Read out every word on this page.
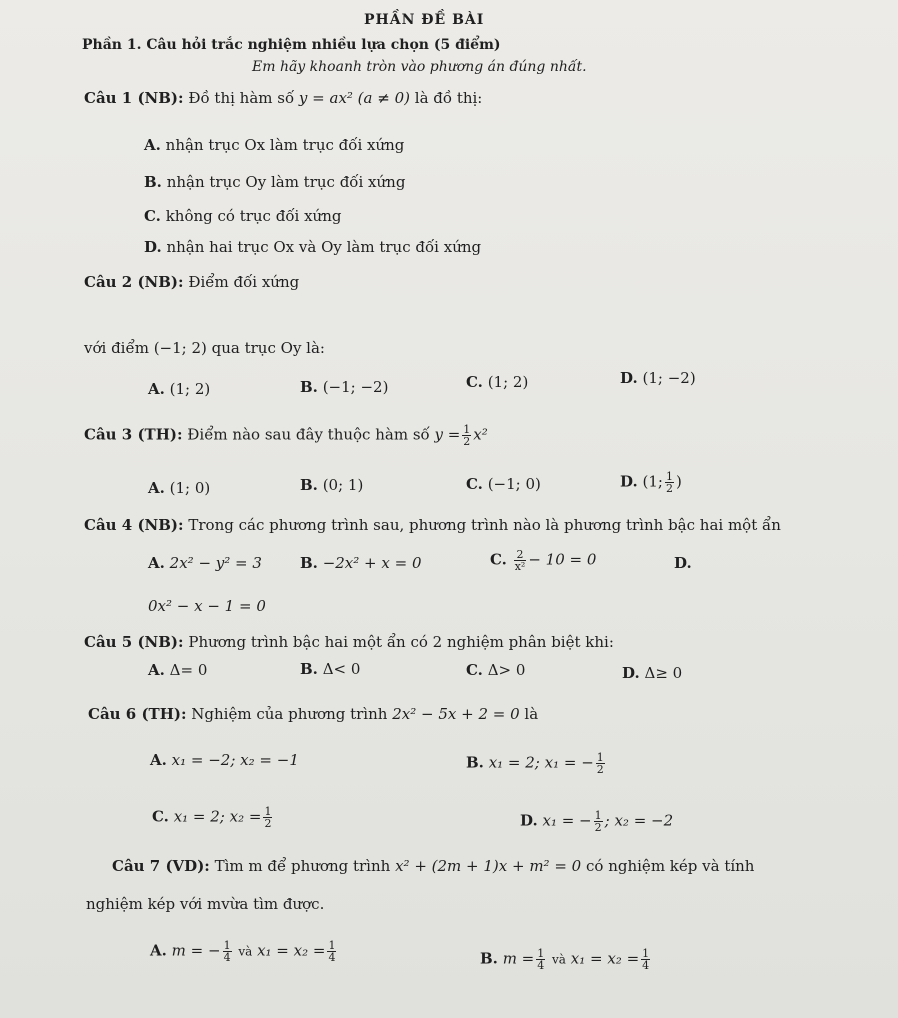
PHẦN ĐỀ BÀI
Phần 1. Câu hỏi trắc nghiệm nhiều lựa chọn (5 điểm)
Em hãy khoanh tròn vào phương án đúng nhất.
Câu 1 (NB): Đồ thị hàm số y = ax² (a ≠ 0) là đồ thị:
A. nhận trục Ox làm trục đối xứng
B. nhận trục Oy làm trục đối xứng
C. không có trục đối xứng
D. nhận hai trục Ox và Oy làm trục đối xứng
Câu 2 (NB): Điểm đối xứng
với điểm (−1; 2) qua trục Oy là:
A. (1; 2)	B. (−1; −2)	C. (1; 2)	D. (1; −2)
Câu 3 (TH): Điểm nào sau đây thuộc hàm số $y = \frac{1}{2} x^2$
A. (1; 0)	B. (0; 1)	C. (−1; 0)	D. (1; $\frac{1}{2}$ )
Câu 4 (NB): Trong các phương trình sau, phương trình nào là phương trình bậc hai một ẩn
A. 2x² − y² = 3	B. −2x² + x = 0	C. $\frac{2}{\text{x²}} - 10 = 0$	D.
0x² − x − 1 = 0
Câu 5 (NB): Phương trình bậc hai một ẩn có 2 nghiệm phân biệt khi:
A. Δ= 0	B. Δ< 0	C. Δ> 0	D. Δ≥ 0
Câu 6 (TH): Nghiệm của phương trình 2x² − 5x + 2 = 0 là
A. x₁ = −2; x₂ = −1	B. x₁ = 2; x₁ = − $\frac{1}{2}$
C. x₁ = 2; $x_2 = \frac{1}{2}$	D. x₁ = − $\frac{1}{2}$ ; x₂ = −2
Câu 7 (VD): Tìm m để phương trình x² + (2m + 1)x + m² = 0 có nghiệm kép và tính
nghiệm kép với mvừa tìm được.
A. m = − $\frac{1}{4}$ và $x_1 = x_2 = \frac{1}{4}$	B. $m = \frac{1}{4}$ và $x_1 = x_2 = \frac{1}{4}$
